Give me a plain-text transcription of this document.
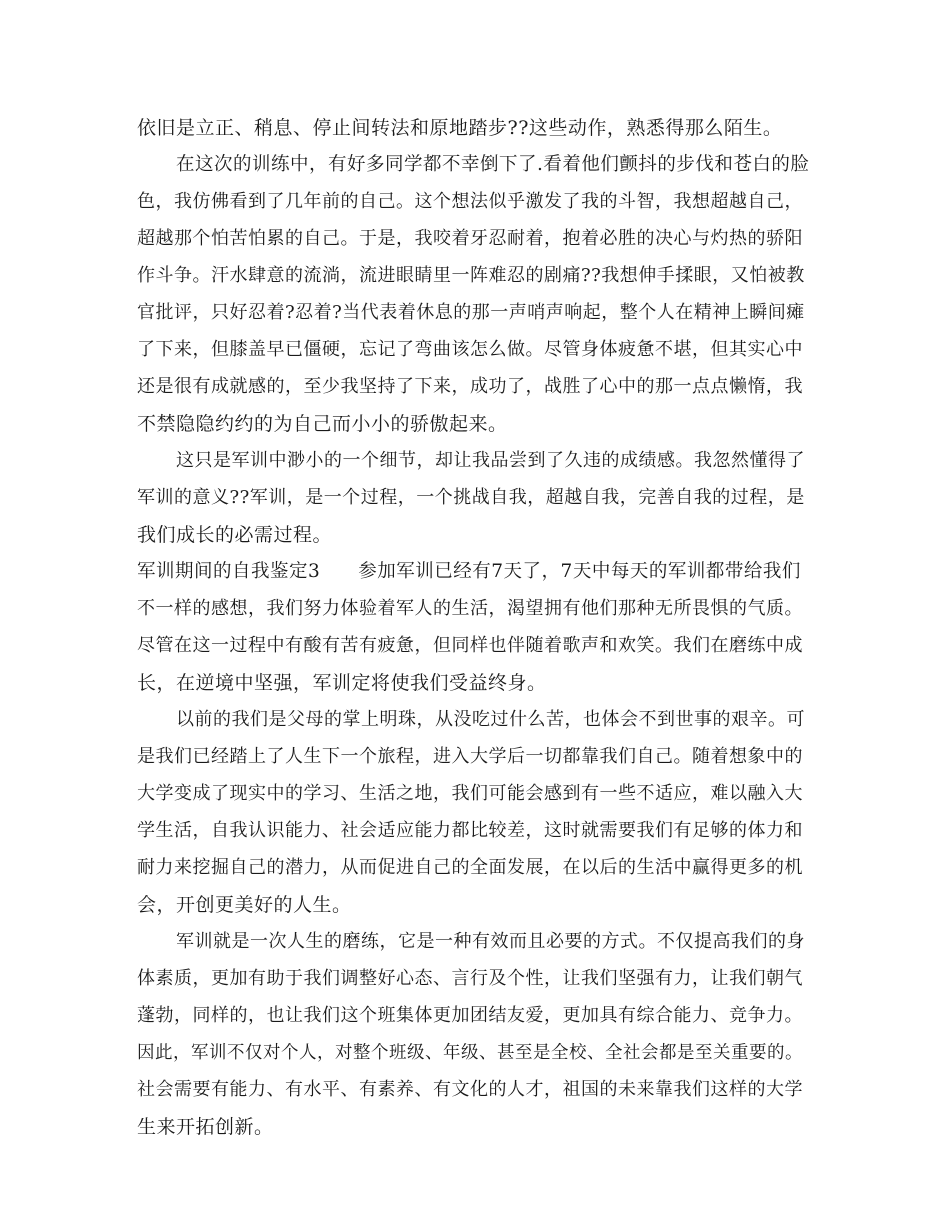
依旧是立正、稍息、停止间转法和原地踏步??这些动作，熟悉得那么陌生。
在这次的训练中，有好多同学都不幸倒下了.看着他们颤抖的步伐和苍白的脸
色，我仿佛看到了几年前的自己。这个想法似乎激发了我的斗智，我想超越自己，
超越那个怕苦怕累的自己。于是，我咬着牙忍耐着，抱着必胜的决心与灼热的骄阳
作斗争。汗水肆意的流淌，流进眼睛里一阵难忍的剧痛??我想伸手揉眼，又怕被教
官批评，只好忍着?忍着?当代表着休息的那一声哨声响起，整个人在精神上瞬间瘫
了下来，但膝盖早已僵硬，忘记了弯曲该怎么做。尽管身体疲惫不堪，但其实心中
还是很有成就感的，至少我坚持了下来，成功了，战胜了心中的那一点点懒惰，我
不禁隐隐约约的为自己而小小的骄傲起来。
这只是军训中渺小的一个细节，却让我品尝到了久违的成绩感。我忽然懂得了
军训的意义??军训，是一个过程，一个挑战自我，超越自我，完善自我的过程，是
我们成长的必需过程。
军训期间的自我鉴定3　　参加军训已经有7天了，7天中每天的军训都带给我们
不一样的感想，我们努力体验着军人的生活，渴望拥有他们那种无所畏惧的气质。
尽管在这一过程中有酸有苦有疲惫，但同样也伴随着歌声和欢笑。我们在磨练中成
长，在逆境中坚强，军训定将使我们受益终身。
以前的我们是父母的掌上明珠，从没吃过什么苦，也体会不到世事的艰辛。可
是我们已经踏上了人生下一个旅程，进入大学后一切都靠我们自己。随着想象中的
大学变成了现实中的学习、生活之地，我们可能会感到有一些不适应，难以融入大
学生活，自我认识能力、社会适应能力都比较差，这时就需要我们有足够的体力和
耐力来挖掘自己的潜力，从而促进自己的全面发展，在以后的生活中赢得更多的机
会，开创更美好的人生。
军训就是一次人生的磨练，它是一种有效而且必要的方式。不仅提高我们的身
体素质，更加有助于我们调整好心态、言行及个性，让我们坚强有力，让我们朝气
蓬勃，同样的，也让我们这个班集体更加团结友爱，更加具有综合能力、竞争力。
因此，军训不仅对个人，对整个班级、年级、甚至是全校、全社会都是至关重要的。
社会需要有能力、有水平、有素养、有文化的人才，祖国的未来靠我们这样的大学
生来开拓创新。
